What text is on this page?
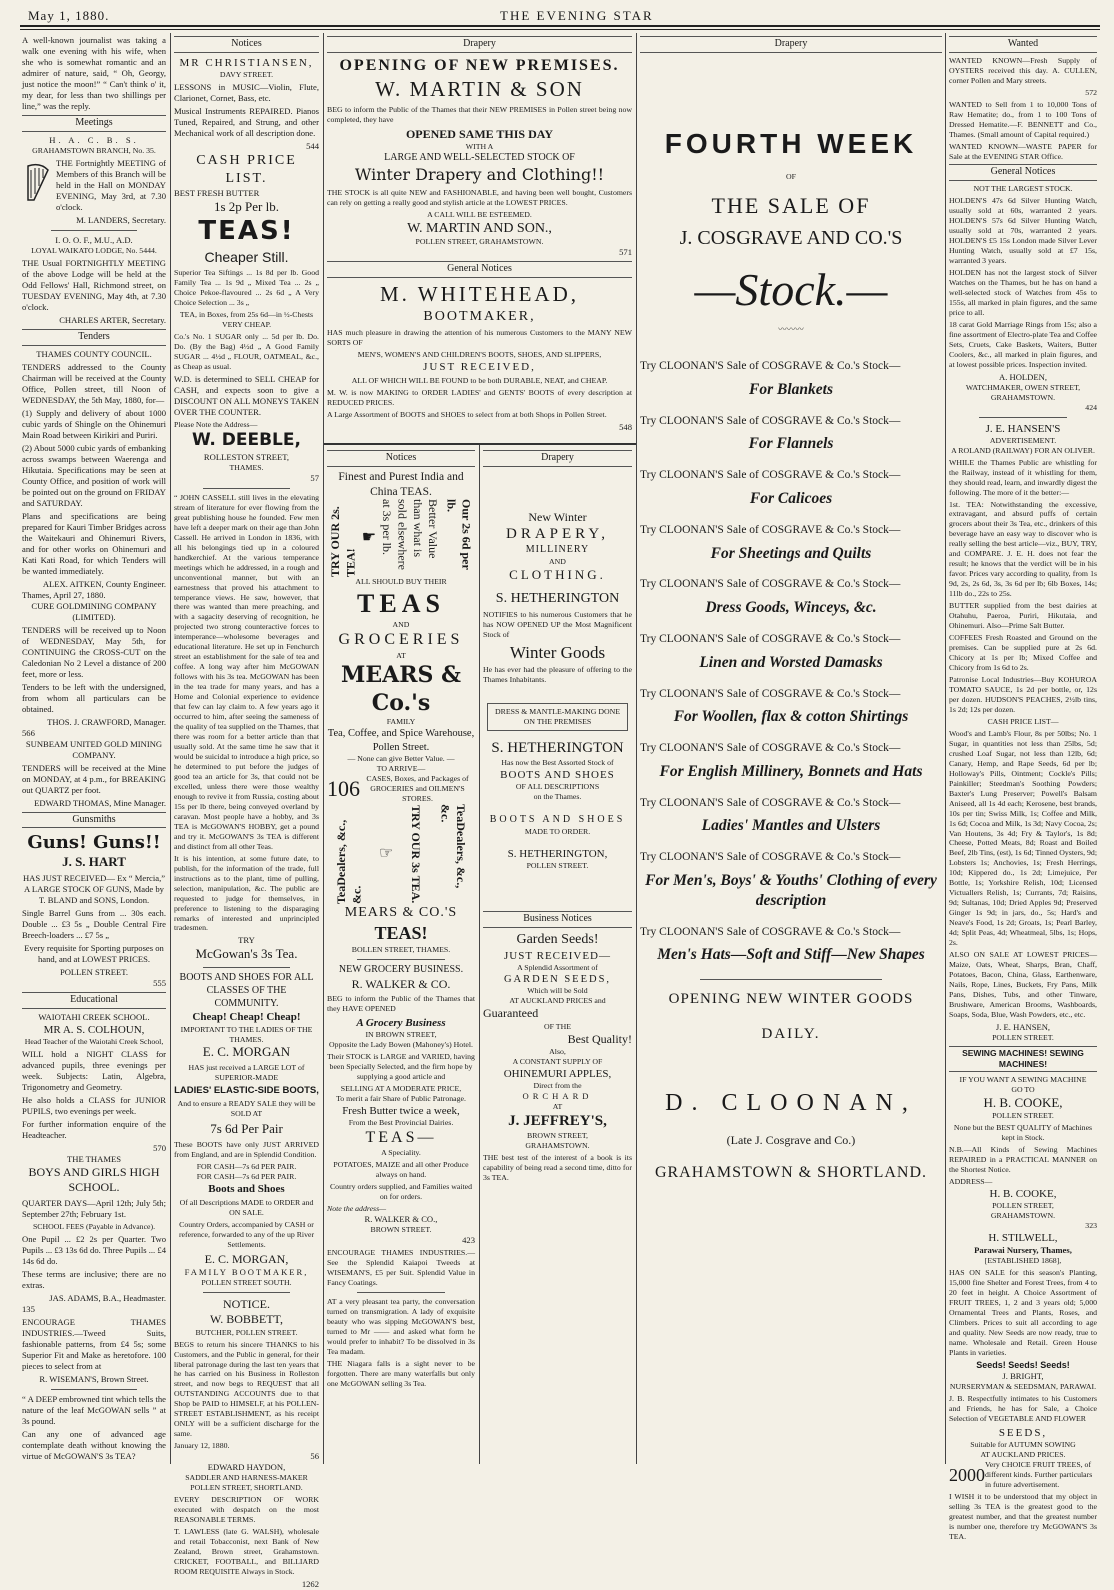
May 1, 1880.	THE EVENING STAR

A well-known journalist was taking a walk one evening with his wife, when she who is somewhat romantic and an admirer of nature, said, “ Oh, Georgy, just notice the moon!” “ Can't think o' it, my dear, for less than two shillings per line,” was the reply.

Meetings
H. A. C. B. S.
GRAHAMSTOWN BRANCH, No. 35.

THE Fortnightly MEETING of Members of this Branch will be held in the Hall on MONDAY EVENING, May 3rd, at 7.30 o'clock.

M. LANDERS, Secretary.
I. O. O. F., M.U., A.D.
LOYAL WAIKATO LODGE, No. 5444.

THE Usual FORTNIGHTLY MEETING of the above Lodge will be held at the Odd Fellows' Hall, Richmond street, on TUESDAY EVENING, May 4th, at 7.30 o'clock.

CHARLES ARTER, Secretary.
Tenders
THAMES COUNTY COUNCIL.

TENDERS addressed to the County Chairman will be received at the County Office, Pollen street, till Noon of WEDNESDAY, the 5th May, 1880, for—

(1) Supply and delivery of about 1000 cubic yards of Shingle on the Ohinemuri Main Road between Kirikiri and Puriri.

(2) About 5000 cubic yards of embanking across swamps between Waerenga and Hikutaia. Specifications may be seen at County Office, and position of work will be pointed out on the ground on FRIDAY and SATURDAY.

Plans and specifications are being prepared for Kauri Timber Bridges across the Waitekauri and Ohinemuri Rivers, and for other works on Ohinemuri and Kati Kati Road, for which Tenders will be wanted immediately.

ALEX. AITKEN, County Engineer.
Thames, April 27, 1880.
CURE GOLDMINING COMPANY (LIMITED).

TENDERS will be received up to Noon of WEDNESDAY, May 5th, for CONTINUING the CROSS-CUT on the Caledonian No 2 Level a distance of 200 feet, more or less.

Tenders to be left with the undersigned, from whom all particulars can be obtained.

THOS. J. CRAWFORD, Manager.
566
SUNBEAM UNITED GOLD MINING COMPANY.

TENDERS will be received at the Mine on MONDAY, at 4 p.m., for BREAKING out QUARTZ per foot.

EDWARD THOMAS, Mine Manager.
Gunsmiths
Guns! Guns!!
J. S. HART

HAS JUST RECEIVED— Ex “ Mercia,” A LARGE STOCK OF GUNS, Made by T. BLAND and SONS, London.

Single Barrel Guns from ... 30s each. Double ... £3 5s „ Double Central Fire Breech-loaders ... £7 5s „

Every requisite for Sporting purposes on hand, and at LOWEST PRICES.

POLLEN STREET.
555
Educational
WAIOTAHI CREEK SCHOOL.
MR A. S. COLHOUN,
Head Teacher of the Waiotahi Creek School,

WILL hold a NIGHT CLASS for advanced pupils, three evenings per week. Subjects: Latin, Algebra, Trigonometry and Geometry.

He also holds a CLASS for JUNIOR PUPILS, two evenings per week.

For further information enquire of the Headteacher.

570
THE THAMES
BOYS AND GIRLS HIGH SCHOOL.

QUARTER DAYS—April 12th; July 5th; September 27th; February 1st.

SCHOOL FEES (Payable in Advance).

One Pupil ... £2 2s per Quarter. Two Pupils ... £3 13s 6d do. Three Pupils ... £4 14s 6d do.

These terms are inclusive; there are no extras.

JAS. ADAMS, B.A., Headmaster.
135

ENCOURAGE THAMES INDUSTRIES.—Tweed Suits, fashionable patterns, from £4 5s; some Superior Fit and Make as heretofore. 100 pieces to select from at

R. WISEMAN'S, Brown Street.

“ A DEEP embrowned tint which tells the nature of the leaf McGOWAN sells ” at 3s pound.

Can any one of advanced age contemplate death without knowing the virtue of McGOWAN'S 3s TEA?

Notices
MR CHRISTIANSEN,
DAVY STREET.

LESSONS in MUSIC—Violin, Flute, Clarionet, Cornet, Bass, etc.

Musical Instruments REPAIRED. Pianos Tuned, Repaired, and Strung, and other Mechanical work of all description done.

544
CASH PRICE LIST.
BEST FRESH BUTTER
1s 2p Per lb.
TEAS!
Cheaper Still.

Superior Tea Siftings ... 1s 8d per lb. Good Family Tea ... 1s 9d „ Mixed Tea ... 2s „ Choice Pekoe-flavoured ... 2s 6d „ A Very Choice Selection ... 3s „

TEA, in Boxes, from 25s 6d—in ½-Chests VERY CHEAP.

Co.'s No. 1 SUGAR only ... 5d per lb. Do. Do. (By the Bag) 4½d „ A Good Family SUGAR ... 4½d „ FLOUR, OATMEAL, &c., as Cheap as usual.

W.D. is determined to SELL CHEAP for CASH, and expects soon to give a DISCOUNT ON ALL MONEYS TAKEN OVER THE COUNTER.

Please Note the Address—
W. DEEBLE,
ROLLESTON STREET,
THAMES.
57

“ JOHN CASSELL still lives in the elevating stream of literature for ever flowing from the great publishing house he founded. Few men have left a deeper mark on their age than John Cassell. He arrived in London in 1836, with all his belongings tied up in a coloured handkerchief. At the various temperance meetings which he addressed, in a rough and unconventional manner, but with an earnestness that proved his attachment to temperance views. He saw, however, that there was wanted than mere preaching, and with a sagacity deserving of recognition, he projected two strong counteractive forces to intemperance—wholesome beverages and educational literature. He set up in Fenchurch street an establishment for the sale of tea and coffee. A long way after him McGOWAN follows with his 3s tea. McGOWAN has been in the tea trade for many years, and has a Home and Colonial experience to evidence that few can lay claim to. A few years ago it occurred to him, after seeing the sameness of the quality of tea supplied on the Thames, that there was room for a better article than that usually sold. At the same time he saw that it would be suicidal to introduce a high price, so he determined to put before the judges of good tea an article for 3s, that could not be excelled, unless there were those wealthy enough to revive it from Russia, costing about 15s per lb there, being conveyed overland by caravan. Most people have a hobby, and 3s TEA is McGOWAN'S HOBBY, get a pound and try it. McGOWAN'S 3s TEA is different and distinct from all other Teas.

It is his intention, at some future date, to publish, for the information of the trade, full instructions as to the plant, time of pulling, selection, manipulation, &c. The public are requested to judge for themselves, in preference to listening to the disparaging remarks of interested and unprincipled tradesmen.

TRY
McGowan's 3s Tea.
BOOTS AND SHOES FOR ALL CLASSES OF THE COMMUNITY.
Cheap! Cheap! Cheap!
IMPORTANT TO THE LADIES OF THE THAMES.
E. C. MORGAN

HAS just received a LARGE LOT of SUPERIOR-MADE

LADIES' ELASTIC-SIDE BOOTS,

And to ensure a READY SALE they will be SOLD AT

7s 6d Per Pair

These BOOTS have only JUST ARRIVED from England, and are in Splendid Condition.

FOR CASH—7s 6d PER PAIR.
FOR CASH—7s 6d PER PAIR.
Boots and Shoes

Of all Descriptions MADE to ORDER and ON SALE.

Country Orders, accompanied by CASH or reference, forwarded to any of the up River Settlements.

E. C. MORGAN,
FAMILY BOOTMAKER,
POLLEN STREET SOUTH.
NOTICE.
W. BOBBETT,
BUTCHER, POLLEN STREET.

BEGS to return his sincere THANKS to his Customers, and the Public in general, for their liberal patronage during the last ten years that he has carried on his Business in Rolleston street, and now begs to REQUEST that all OUTSTANDING ACCOUNTS due to that Shop be PAID to HIMSELF, at his POLLEN-STREET ESTABLISHMENT, as his receipt ONLY will be a sufficient discharge for the same.

January 12, 1880.
56
EDWARD HAYDON,
SADDLER AND HARNESS-MAKER
POLLEN STREET, SHORTLAND.

EVERY DESCRIPTION OF WORK executed with despatch on the most REASONABLE TERMS.

T. LAWLESS (late G. WALSH), wholesale and retail Tobacconist, next Bank of New Zealand, Brown street, Grahamstown. CRICKET, FOOTBALL, and BILLIARD ROOM REQUISITE Always in Stock.

1262
Drapery
OPENING OF NEW PREMISES.
W. MARTIN & SON

BEG to inform the Public of the Thames that their NEW PREMISES in Pollen street being now completed, they have

OPENED SAME THIS DAY
WITH A
LARGE AND WELL-SELECTED STOCK OF
Winter Drapery and Clothing!!

THE STOCK is all quite NEW and FASHIONABLE, and having been well bought, Customers can rely on getting a really good and stylish article at the LOWEST PRICES.

A CALL WILL BE ESTEEMED.
W. MARTIN AND SON.,
POLLEN STREET, GRAHAMSTOWN.
571
General Notices
M. WHITEHEAD,
BOOTMAKER,

HAS much pleasure in drawing the attention of his numerous Customers to the MANY NEW SORTS OF

MEN'S, WOMEN'S AND CHILDREN'S BOOTS, SHOES, AND SLIPPERS,
JUST RECEIVED,

ALL OF WHICH WILL BE FOUND to be both DURABLE, NEAT, and CHEAP.

M. W. is now MAKING to ORDER LADIES' and GENTS' BOOTS of every description at REDUCED PRICES.

A Large Assortment of BOOTS and SHOES to select from at both Shops in Pollen Street.

548
Notices
Finest and Purest India and China TEAS.
TRY OUR 2s. TEA!
☛	Better Value than what is sold elsewhere at 3s per lb.	Our 2s 6d per lb.
ALL SHOULD BUY THEIR
TEAS
AND
GROCERIES
AT
MEARS & Co.'s
FAMILY
Tea, Coffee, and Spice Warehouse, Pollen Street.
— None can give Better Value. —
TO ARRIVE—
106 CASES, Boxes, and Packages of GROCERIES and OILMEN'S STORES.
TeaDealers, &c., &c.
☞ TRY OUR 3s TEA.	TeaDealers, &c., &c.
MEARS & CO.'S
TEAS!
BOLLEN STREET, THAMES.
NEW GROCERY BUSINESS.
R. WALKER & CO.

BEG to inform the Public of the Thames that they HAVE OPENED

A Grocery Business
IN BROWN STREET,
Opposite the Lady Bowen (Mahoney's) Hotel.

Their STOCK is LARGE and VARIED, having been Specially Selected, and the firm hope by supplying a good article and

SELLING AT A MODERATE PRICE,
To merit a fair Share of Public Patronage.
Fresh Butter twice a week,
From the Best Provincial Dairies.
TEAS—
A Speciality.

POTATOES, MAIZE and all other Produce always on hand.

Country orders supplied, and Families waited on for orders.

Note the address—
R. WALKER & CO.,
BROWN STREET.
423

ENCOURAGE THAMES INDUSTRIES.—See the Splendid Kaiapoi Tweeds at WISEMAN'S, £5 per Suit. Splendid Value in Fancy Coatings.

AT a very pleasant tea party, the conversation turned on transmigration. A lady of exquisite beauty who was sipping McGOWAN'S best, turned to Mr —— and asked what form he would prefer to inhabit? To be dissolved in 3s Tea madam.

THE Niagara falls is a sight never to be forgotten. There are many waterfalls but only one McGOWAN selling 3s Tea.

Drapery
New Winter
DRAPERY,
MILLINERY
AND
CLOTHING.
S. HETHERINGTON

NOTIFIES to his numerous Customers that he has NOW OPENED UP the Most Magnificent Stock of

Winter Goods

He has ever had the pleasure of offering to the Thames Inhabitants.

DRESS & MANTLE-MAKING DONE ON THE PREMISES
S. HETHERINGTON
Has now the Best Assorted Stock of
BOOTS AND SHOES
OF ALL DESCRIPTIONS
on the Thames.
BOOTS AND SHOES
MADE TO ORDER.
S. HETHERINGTON,
POLLEN STREET.
Business Notices
Garden Seeds!
JUST RECEIVED—
A Splendid Assortment of
GARDEN SEEDS,
Which will be Sold
AT AUCKLAND PRICES and
Guaranteed
OF THE
Best Quality!
Also,
A CONSTANT SUPPLY OF
OHINEMURI APPLES,
Direct from the
ORCHARD
AT
J. JEFFREY'S,
BROWN STREET,
GRAHAMSTOWN.

THE best test of the interest of a book is its capability of being read a second time, ditto for 3s TEA.

Drapery
FOURTH WEEK
OF
THE SALE OF
J. COSGRAVE AND CO.'S
—Stock.—
〰〰〰
Try CLOONAN'S Sale of COSGRAVE & Co.'s Stock—
For Blankets
Try CLOONAN'S Sale of COSGRAVE & Co.'s Stock—
For Flannels
Try CLOONAN'S Sale of COSGRAVE & Co.'s Stock—
For Calicoes
Try CLOONAN'S Sale of COSGRAVE & Co.'s Stock—
For Sheetings and Quilts
Try CLOONAN'S Sale of COSGRAVE & Co.'s Stock—
Dress Goods, Winceys, &c.
Try CLOONAN'S Sale of COSGRAVE & Co.'s Stock—
Linen and Worsted Damasks
Try CLOONAN'S Sale of COSGRAVE & Co.'s Stock—
For Woollen, flax & cotton Shirtings
Try CLOONAN'S Sale of COSGRAVE & Co.'s Stock—
For English Millinery, Bonnets and Hats
Try CLOONAN'S Sale of COSGRAVE & Co.'s Stock—
Ladies' Mantles and Ulsters
Try CLOONAN'S Sale of COSGRAVE & Co.'s Stock—
For Men's, Boys' & Youths' Clothing of every description
Try CLOONAN'S Sale of COSGRAVE & Co.'s Stock—
Men's Hats—Soft and Stiff—New Shapes
OPENING NEW WINTER GOODS
DAILY.
D. CLOONAN,
(Late J. Cosgrave and Co.)
GRAHAMSTOWN & SHORTLAND.
Wanted

WANTED KNOWN—Fresh Supply of OYSTERS received this day. A. CULLEN, corner Pollen and Mary streets.

572

WANTED to Sell from 1 to 10,000 Tons of Raw Hematite; do., from 1 to 100 Tons of Dressed Hematite.—F. BENNETT and Co., Thames. (Small amount of Capital required.)

WANTED KNOWN—WASTE PAPER for Sale at the EVENING STAR Office.

General Notices
NOT THE LARGEST STOCK.

HOLDEN'S 47s 6d Silver Hunting Watch, usually sold at 60s, warranted 2 years. HOLDEN'S 57s 6d Silver Hunting Watch, usually sold at 70s, warranted 2 years. HOLDEN'S £5 15s London made Silver Lever Hunting Watch, usually sold at £7 15s, warranted 3 years.

HOLDEN has not the largest stock of Silver Watches on the Thames, but he has on hand a well-selected stock of Watches from 45s to 155s, all marked in plain figures, and the same price to all.

18 carat Gold Marriage Rings from 15s; also a fine assortment of Electro-plate Tea and Coffee Sets, Cruets, Cake Baskets, Waiters, Butter Coolers, &c., all marked in plain figures, and at lowest possible prices. Inspection invited.

A. HOLDEN,
WATCHMAKER, OWEN STREET, GRAHAMSTOWN.
424
J. E. HANSEN'S
ADVERTISEMENT.
A ROLAND (RAILWAY) FOR AN OLIVER.

WHILE the Thames Public are whistling for the Railway, instead of it whistling for them, they should read, learn, and inwardly digest the following. The more of it the better:—

1st. TEA: Notwithstanding the excessive, extravagant, and absurd puffs of certain grocers about their 3s Tea, etc., drinkers of this beverage have an easy way to discover who is really selling the best article—viz., BUY, TRY, and COMPARE. J. E. H. does not fear the result; he knows that the verdict will be in his favor. Prices vary according to quality, from 1s 9d, 2s, 2s 6d, 3s, 3s 6d per lb; 6lb Boxes, 14s; 11lb do., 22s to 25s.

BUTTER supplied from the best dairies at Otahuhu, Paeroa, Puriri, Hikutaia, and Ohinemuri. Also—Prime Salt Butter.

COFFEES Fresh Roasted and Ground on the premises. Can be supplied pure at 2s 6d. Chicory at 1s per lb; Mixed Coffee and Chicory from 1s 6d to 2s.

Patronise Local Industries—Buy KOHUROA TOMATO SAUCE, 1s 2d per bottle, or, 12s per dozen. HUDSON'S PEACHES, 2½lb tins, 1s 2d; 12s per dozen.

CASH PRICE LIST—

Wood's and Lamb's Flour, 8s per 50lbs; No. 1 Sugar, in quantities not less than 25lbs, 5d; crushed Loaf Sugar, not less than 12lb, 6d; Canary, Hemp, and Rape Seeds, 6d per lb; Holloway's Pills, Ointment; Cockle's Pills; Painkiller; Steedman's Soothing Powders; Baxter's Lung Preserver; Powell's Balsam Aniseed, all 1s 4d each; Kerosene, best brands, 10s per tin; Swiss Milk, 1s; Coffee and Milk, 1s 6d; Cocoa and Milk, 1s 3d; Navy Cocoa, 2s; Van Houtens, 3s 4d; Fry & Taylor's, 1s 8d; Cheese, Potted Meats, 8d; Roast and Boiled Beef, 2lb Tins, (est), 1s 6d; Tinned Oysters, 9d; Lobsters 1s; Anchovies, 1s; Fresh Herrings, 10d; Kippered do., 1s 2d; Limejuice, Per Bottle, 1s; Yorkshire Relish, 10d; Licensed Victuallers Relish, 1s; Currants, 7d; Raisins, 9d; Sultanas, 10d; Dried Apples 9d; Preserved Ginger 1s 9d; in jars, do., 5s; Hard's and Neave's Food, 1s 2d; Groats, 1s; Pearl Barley, 4d; Split Peas, 4d; Wheatmeal, 5lbs, 1s; Hops, 2s.

ALSO ON SALE AT LOWEST PRICES—Maize, Oats, Wheat, Sharps, Bran, Chaff, Potatoes, Bacon, China, Glass, Earthenware, Nails, Rope, Lines, Buckets, Fry Pans, Milk Pans, Dishes, Tubs, and other Tinware, Brushware, American Brooms, Washboards, Soaps, Soda, Blue, Wash Powders, etc., etc.

J. E. HANSEN,
POLLEN STREET.
SEWING MACHINES! SEWING MACHINES!
IF YOU WANT A SEWING MACHINE
GO TO
H. B. COOKE,
POLLEN STREET.

None but the BEST QUALITY of Machines kept in Stock.

N.B.—All Kinds of Sewing Machines REPAIRED in a PRACTICAL MANNER on the Shortest Notice.

ADDRESS—
H. B. COOKE,
POLLEN STREET,
GRAHAMSTOWN.
323
H. STILWELL,
Parawai Nursery, Thames,
[ESTABLISHED 1868],

HAS ON SALE for this season's Planting, 15,000 fine Shelter and Forest Trees, from 4 to 20 feet in height. A Choice Assortment of FRUIT TREES, 1, 2 and 3 years old; 5,000 Ornamental Trees and Plants, Roses, and Climbers. Prices to suit all according to age and quality. New Seeds are now ready, true to name. Wholesale and Retail. Green House Plants in varieties.

Seeds! Seeds! Seeds!
J. BRIGHT,
NURSERYMAN & SEEDSMAN, PARAWAI.

J. B. Respectfully intimates to his Customers and Friends, he has for Sale, a Choice Selection of VEGETABLE AND FLOWER

SEEDS,
Suitable for AUTUMN SOWING
AT AUCKLAND PRICES.
2000 Very CHOICE FRUIT TREES, of different kinds. Further particulars in future advertisement.

I WISH it to be understood that my object in selling 3s TEA is the greatest good to the greatest number, and that the greatest number is number one, therefore try McGOWAN'S 3s TEA.
